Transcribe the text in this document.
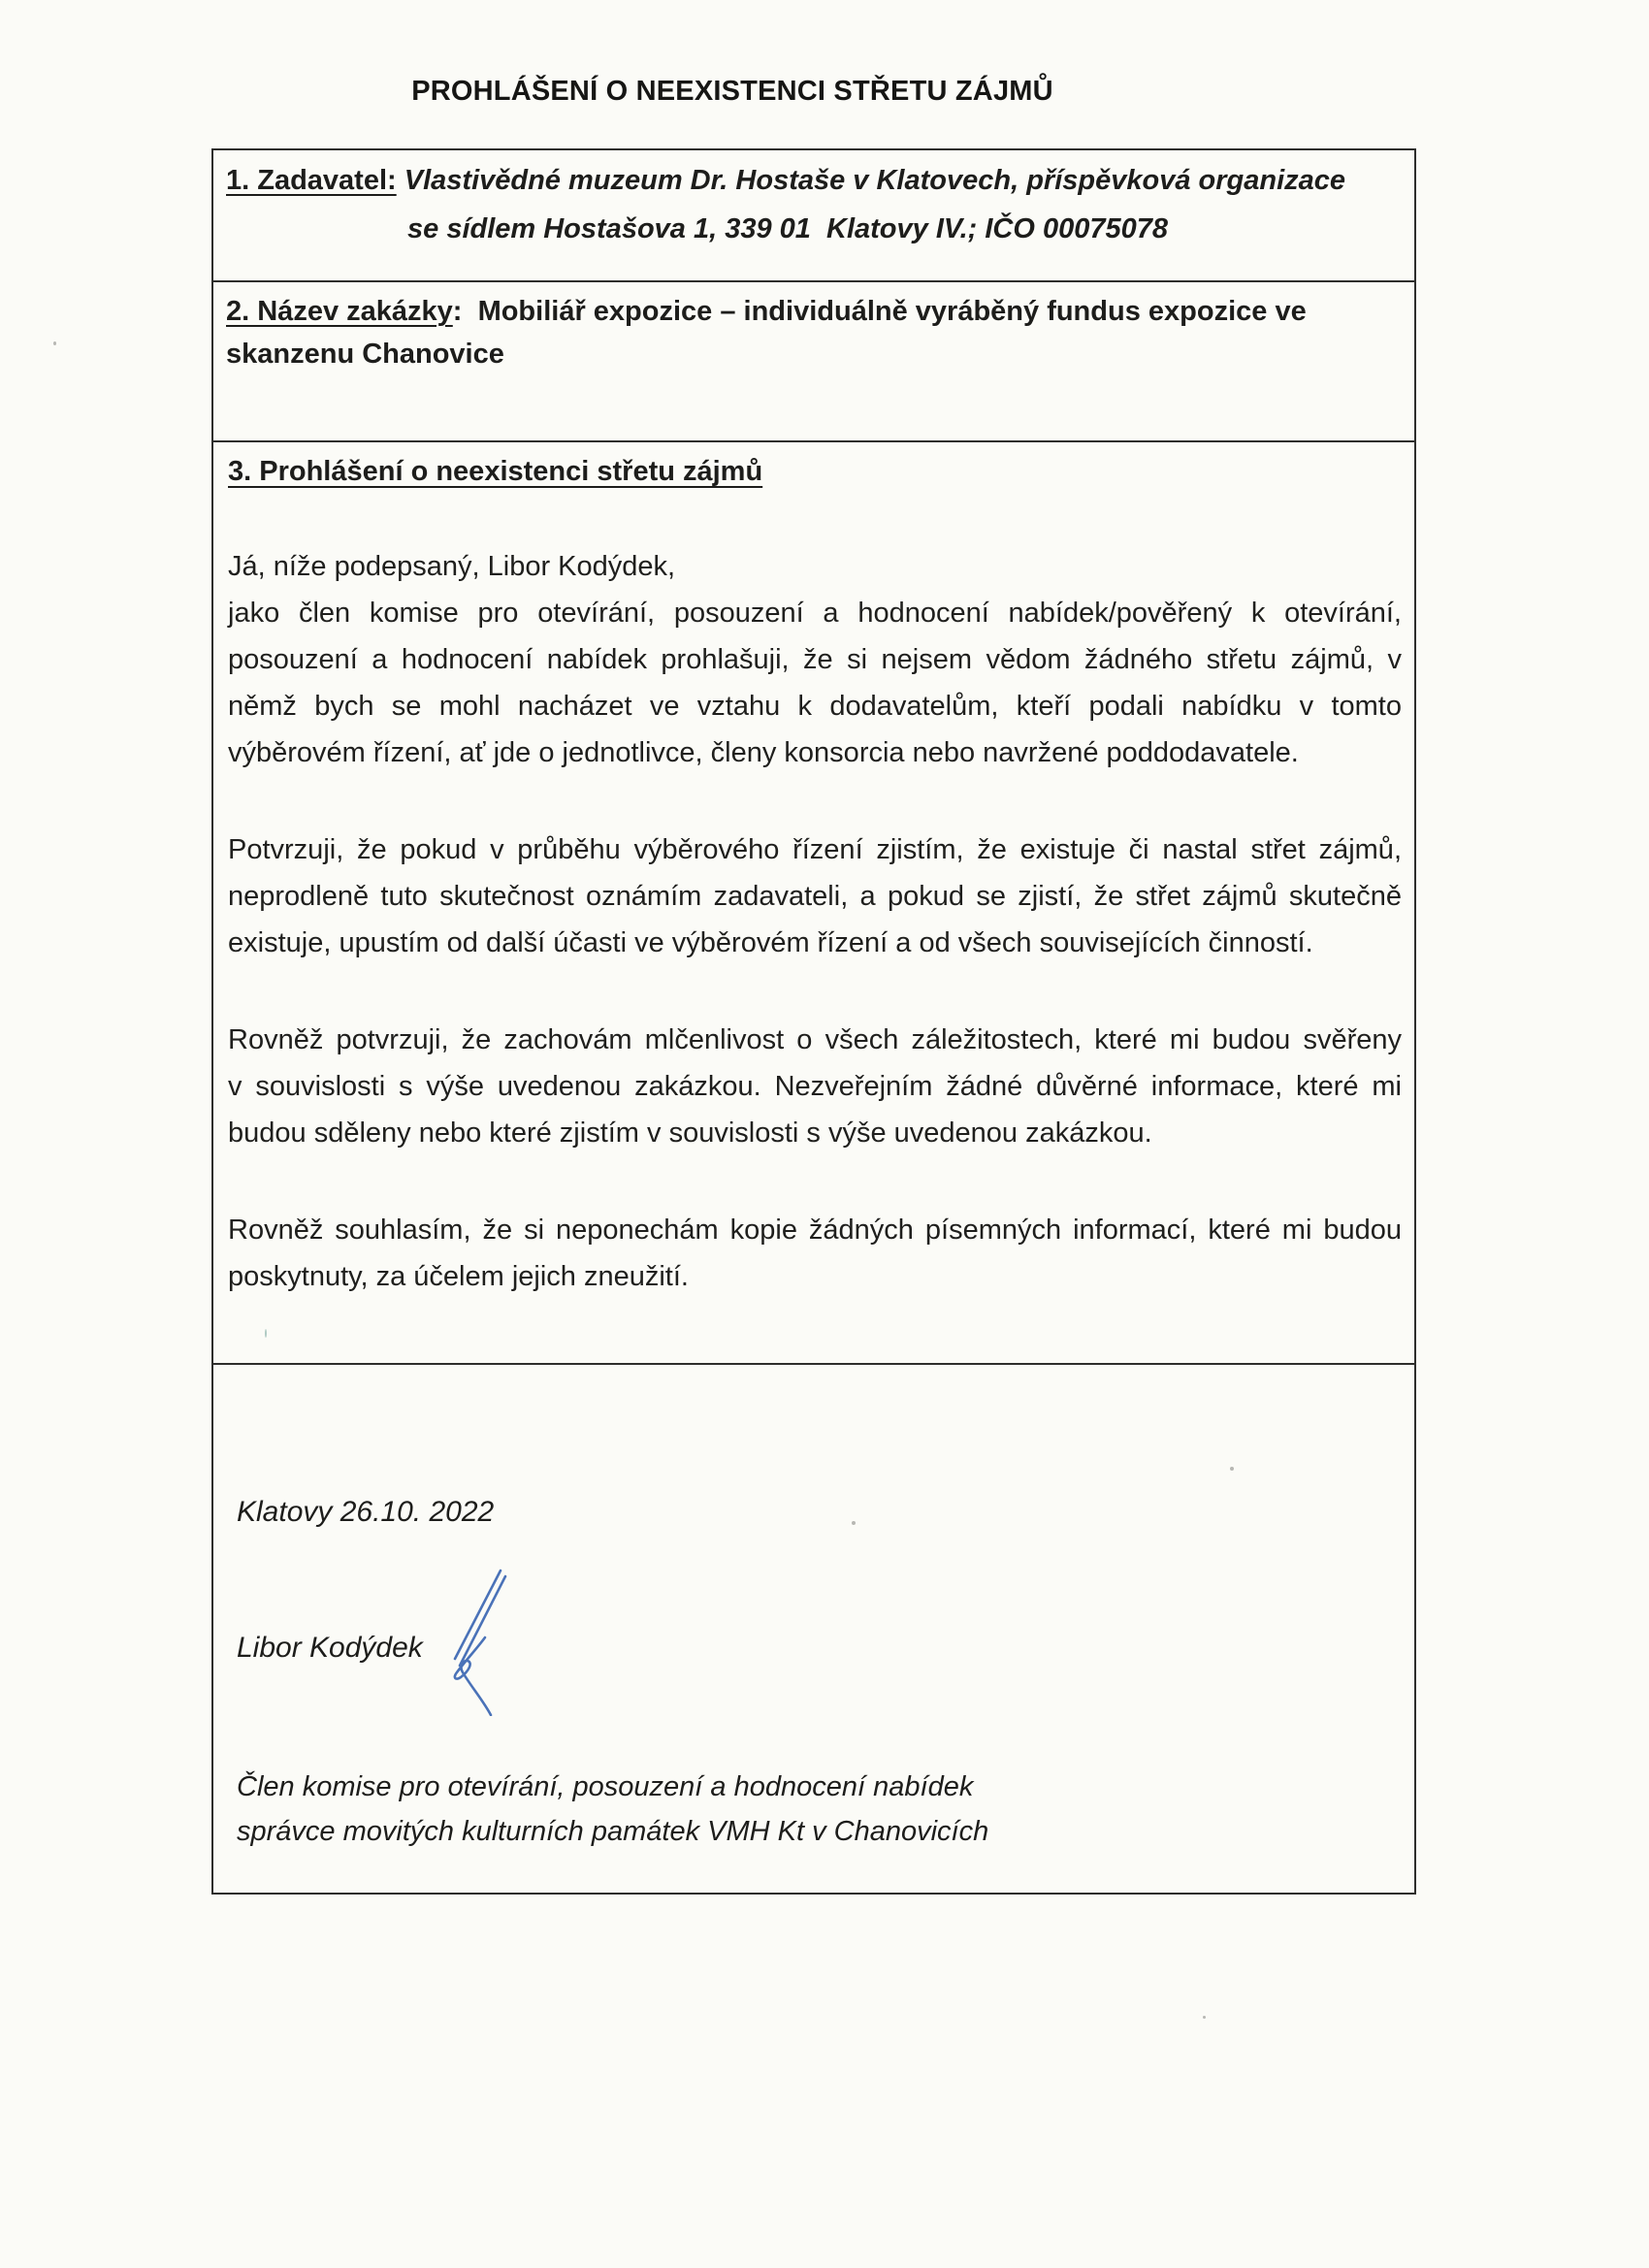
PROHLÁŠENÍ O NEEXISTENCI STŘETU ZÁJMŮ
1. Zadavatel: Vlastivědné muzeum Dr. Hostaše v Klatovech, příspěvková organizace
se sídlem Hostašova 1, 339 01  Klatovy IV.; IČO 00075078
2. Název zakázky:  Mobiliář expozice – individuálně vyráběný fundus expozice ve
skanzenu Chanovice
3. Prohlášení o neexistenci střetu zájmů
Já, níže podepsaný, Libor Kodýdek,
jako člen komise pro otevírání, posouzení a hodnocení nabídek/pověřený k otevírání,
posouzení a hodnocení nabídek prohlašuji, že si nejsem vědom žádného střetu zájmů, v
němž bych se mohl nacházet ve vztahu k dodavatelům, kteří podali nabídku v tomto
výběrovém řízení, ať jde o jednotlivce, členy konsorcia nebo navržené poddodavatele.
Potvrzuji, že pokud v průběhu výběrového řízení zjistím, že existuje či nastal střet zájmů,
neprodleně tuto skutečnost oznámím zadavateli, a pokud se zjistí, že střet zájmů skutečně
existuje, upustím od další účasti ve výběrovém řízení a od všech souvisejících činností.
Rovněž potvrzuji, že zachovám mlčenlivost o všech záležitostech, které mi budou svěřeny
v souvislosti s výše uvedenou zakázkou. Nezveřejním žádné důvěrné informace, které mi
budou sděleny nebo které zjistím v souvislosti s výše uvedenou zakázkou.
Rovněž souhlasím, že si neponechám kopie žádných písemných informací, které mi budou
poskytnuty, za účelem jejich zneužití.
Klatovy 26.10. 2022
Libor Kodýdek
Člen komise pro otevírání, posouzení a hodnocení nabídek
správce movitých kulturních památek VMH Kt v Chanovicích
